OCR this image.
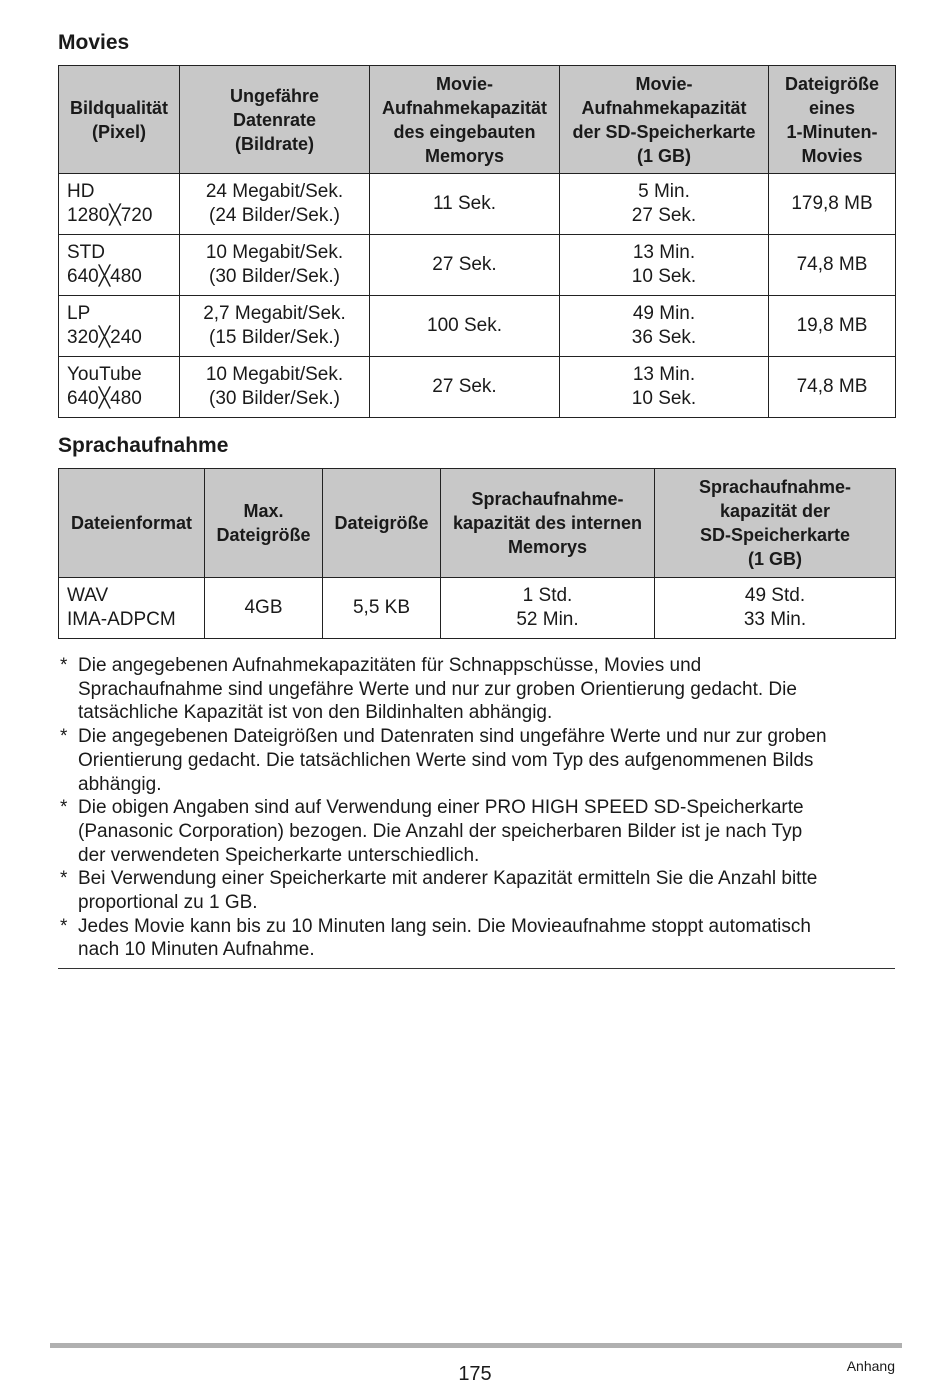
Movies
Bildqualität
(Pixel)	Ungefähre
Datenrate
(Bildrate)	Movie-
Aufnahmekapazität
des eingebauten
Memorys	Movie-
Aufnahmekapazität
der SD-Speicherkarte
(1 GB)	Dateigröße
eines
1-Minuten-
Movies

HD
1280╳720	24 Megabit/Sek.
(24 Bilder/Sek.)	11 Sek.	5 Min.
27 Sek.	179,8 MB

STD
640╳480	10 Megabit/Sek.
(30 Bilder/Sek.)	27 Sek.	13 Min.
10 Sek.	74,8 MB

LP
320╳240	2,7 Megabit/Sek.
(15 Bilder/Sek.)	100 Sek.	49 Min.
36 Sek.	19,8 MB

YouTube
640╳480	10 Megabit/Sek.
(30 Bilder/Sek.)	27 Sek.	13 Min.
10 Sek.	74,8 MB
Sprachaufnahme
Dateienformat	Max.
Dateigröße	Dateigröße	Sprachaufnahme-
kapazität des internen
Memorys	Sprachaufnahme-
kapazität der
SD-Speicherkarte
(1 GB)

WAV
IMA-ADPCM	4GB	5,5 KB	1 Std.
52 Min.	49 Std.
33 Min.
* Die angegebenen Aufnahmekapazitäten für Schnappschüsse, Movies und
Sprachaufnahme sind ungefähre Werte und nur zur groben Orientierung gedacht. Die
tatsächliche Kapazität ist von den Bildinhalten abhängig.
* Die angegebenen Dateigrößen und Datenraten sind ungefähre Werte und nur zur groben
Orientierung gedacht. Die tatsächlichen Werte sind vom Typ des aufgenommenen Bilds
abhängig.
* Die obigen Angaben sind auf Verwendung einer PRO HIGH SPEED SD-Speicherkarte
(Panasonic Corporation) bezogen. Die Anzahl der speicherbaren Bilder ist je nach Typ
der verwendeten Speicherkarte unterschiedlich.
* Bei Verwendung einer Speicherkarte mit anderer Kapazität ermitteln Sie die Anzahl bitte
proportional zu 1 GB.
* Jedes Movie kann bis zu 10 Minuten lang sein. Die Movieaufnahme stoppt automatisch
nach 10 Minuten Aufnahme.
175	Anhang
